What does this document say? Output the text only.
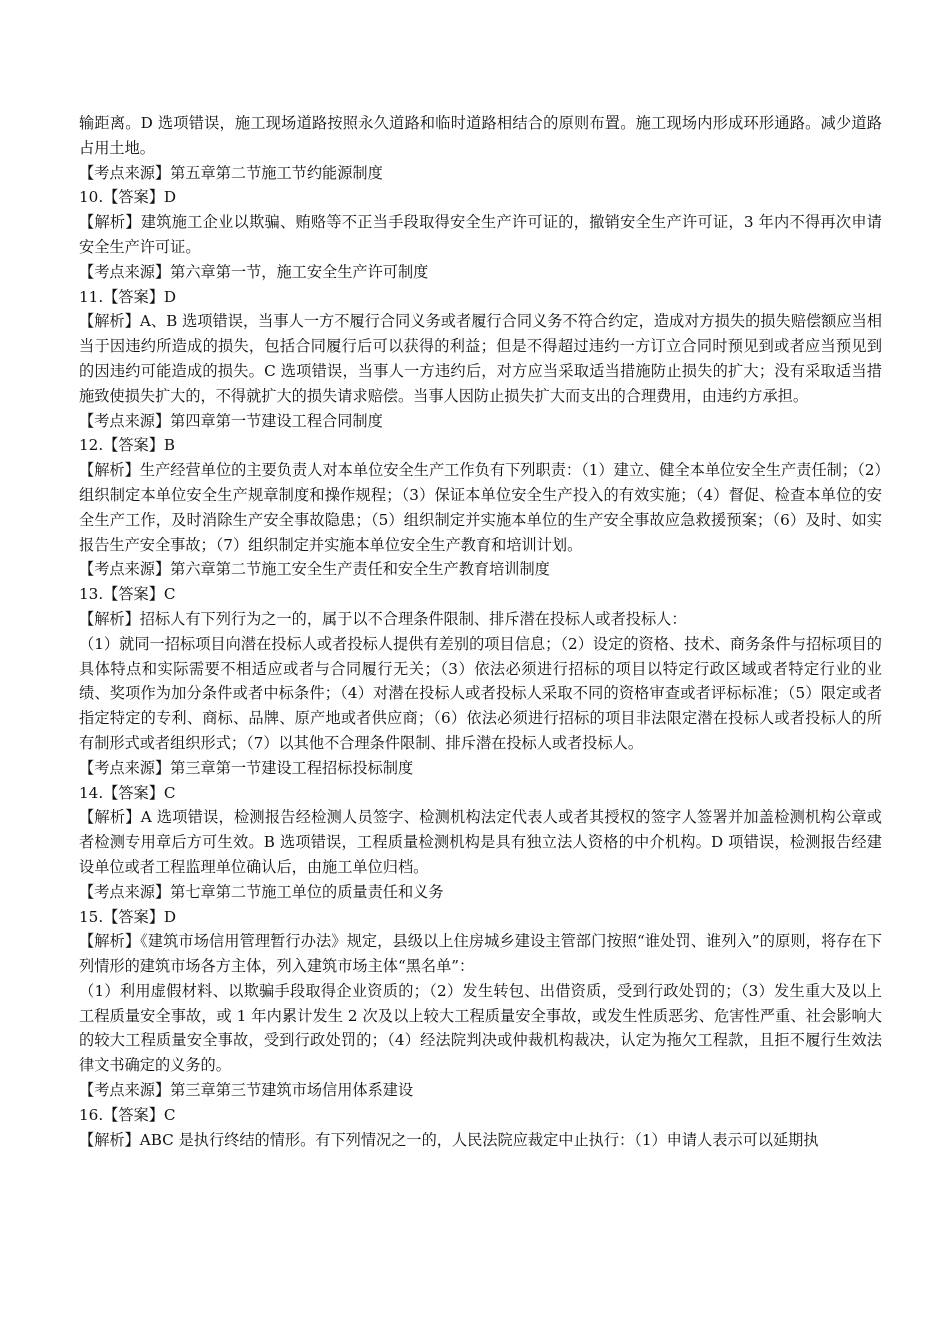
输距离。D 选项错误，施工现场道路按照永久道路和临时道路相结合的原则布置。施工现场内形成环形通路。减少道路占用土地。

【考点来源】第五章第二节施工节约能源制度

10.【答案】D

【解析】建筑施工企业以欺骗、贿赂等不正当手段取得安全生产许可证的，撤销安全生产许可证，3 年内不得再次申请安全生产许可证。

【考点来源】第六章第一节，施工安全生产许可制度

11.【答案】D

【解析】A、B 选项错误，当事人一方不履行合同义务或者履行合同义务不符合约定，造成对方损失的损失赔偿额应当相当于因违约所造成的损失，包括合同履行后可以获得的利益；但是不得超过违约一方订立合同时预见到或者应当预见到的因违约可能造成的损失。C 选项错误，当事人一方违约后，对方应当采取适当措施防止损失的扩大；没有采取适当措施致使损失扩大的，不得就扩大的损失请求赔偿。当事人因防止损失扩大而支出的合理费用，由违约方承担。

【考点来源】第四章第一节建设工程合同制度

12.【答案】B

【解析】生产经营单位的主要负责人对本单位安全生产工作负有下列职责：（1）建立、健全本单位安全生产责任制；（2）组织制定本单位安全生产规章制度和操作规程；（3）保证本单位安全生产投入的有效实施；（4）督促、检查本单位的安全生产工作，及时消除生产安全事故隐患；（5）组织制定并实施本单位的生产安全事故应急救援预案；（6）及时、如实报告生产安全事故；（7）组织制定并实施本单位安全生产教育和培训计划。

【考点来源】第六章第二节施工安全生产责任和安全生产教育培训制度

13.【答案】C

【解析】招标人有下列行为之一的，属于以不合理条件限制、排斥潜在投标人或者投标人：

（1）就同一招标项目向潜在投标人或者投标人提供有差别的项目信息；（2）设定的资格、技术、商务条件与招标项目的具体特点和实际需要不相适应或者与合同履行无关；（3）依法必须进行招标的项目以特定行政区域或者特定行业的业绩、奖项作为加分条件或者中标条件；（4）对潜在投标人或者投标人采取不同的资格审查或者评标标准；（5）限定或者指定特定的专利、商标、品牌、原产地或者供应商；（6）依法必须进行招标的项目非法限定潜在投标人或者投标人的所有制形式或者组织形式；（7）以其他不合理条件限制、排斥潜在投标人或者投标人。

【考点来源】第三章第一节建设工程招标投标制度

14.【答案】C

【解析】A 选项错误，检测报告经检测人员签字、检测机构法定代表人或者其授权的签字人签署并加盖检测机构公章或者检测专用章后方可生效。B 选项错误，工程质量检测机构是具有独立法人资格的中介机构。D 项错误，检测报告经建设单位或者工程监理单位确认后，由施工单位归档。

【考点来源】第七章第二节施工单位的质量责任和义务

15.【答案】D

【解析】《建筑市场信用管理暂行办法》规定，县级以上住房城乡建设主管部门按照“谁处罚、谁列入”的原则，将存在下列情形的建筑市场各方主体，列入建筑市场主体“黑名单”：

（1）利用虚假材料、以欺骗手段取得企业资质的；（2）发生转包、出借资质，受到行政处罚的；（3）发生重大及以上工程质量安全事故，或 1 年内累计发生 2 次及以上较大工程质量安全事故，或发生性质恶劣、危害性严重、社会影响大的较大工程质量安全事故，受到行政处罚的；（4）经法院判决或仲裁机构裁决，认定为拖欠工程款，且拒不履行生效法律文书确定的义务的。

【考点来源】第三章第三节建筑市场信用体系建设

16.【答案】C

【解析】ABC 是执行终结的情形。有下列情况之一的，人民法院应裁定中止执行：（1）申请人表示可以延期执
